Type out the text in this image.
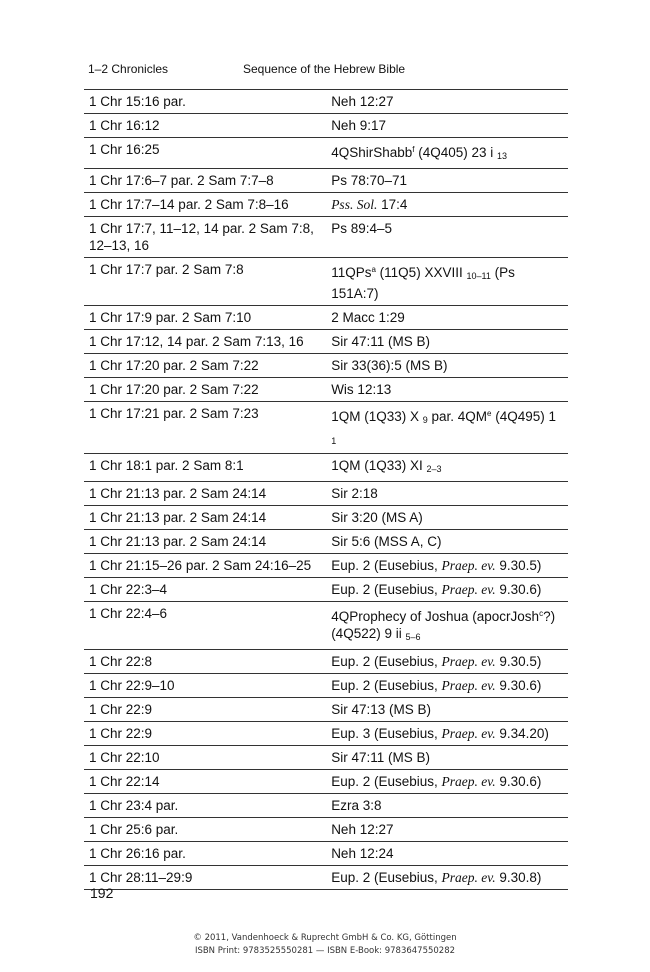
1–2 Chronicles	Sequence of the Hebrew Bible
1 Chr 15:16 par.	Neh 12:27
1 Chr 16:12	Neh 9:17
1 Chr 16:25	4QShirShabb$^f$ (4Q405) 23 i $_{13}$
1 Chr 17:6–7 par. 2 Sam 7:7–8	Ps 78:70–71
1 Chr 17:7–14 par. 2 Sam 7:8–16	Pss. Sol. 17:4
1 Chr 17:7, 11–12, 14 par. 2 Sam 7:8, 12–13, 16	Ps 89:4–5
1 Chr 17:7 par. 2 Sam 7:8	11QPs$^a$ (11Q5) XXVIII $_{10-11}$ (Ps 151A:7)
1 Chr 17:9 par. 2 Sam 7:10	2 Macc 1:29
1 Chr 17:12, 14 par. 2 Sam 7:13, 16	Sir 47:11 (MS B)
1 Chr 17:20 par. 2 Sam 7:22	Sir 33(36):5 (MS B)
1 Chr 17:20 par. 2 Sam 7:22	Wis 12:13
1 Chr 17:21 par. 2 Sam 7:23	1QM (1Q33) X $_9$ par. $4QM^e$ (4Q495) 1 $_1$
1 Chr 18:1 par. 2 Sam 8:1	1QM (1Q33) XI $_{2-3}$
1 Chr 21:13 par. 2 Sam 24:14	Sir 2:18
1 Chr 21:13 par. 2 Sam 24:14	Sir 3:20 (MS A)
1 Chr 21:13 par. 2 Sam 24:14	Sir 5:6 (MSS A, C)
1 Chr 21:15–26 par. 2 Sam 24:16–25	Eup. 2 (Eusebius, Praep. ev. 9.30.5)
1 Chr 22:3–4	Eup. 2 (Eusebius, Praep. ev. 9.30.6)
1 Chr 22:4–6	4QProphecy of Joshua (apocrJosh$^c$?) (4Q522) 9 ii $_{5-6}$
1 Chr 22:8	Eup. 2 (Eusebius, Praep. ev. 9.30.5)
1 Chr 22:9–10	Eup. 2 (Eusebius, Praep. ev. 9.30.6)
1 Chr 22:9	Sir 47:13 (MS B)
1 Chr 22:9	Eup. 3 (Eusebius, Praep. ev. 9.34.20)
1 Chr 22:10	Sir 47:11 (MS B)
1 Chr 22:14	Eup. 2 (Eusebius, Praep. ev. 9.30.6)
1 Chr 23:4 par.	Ezra 3:8
1 Chr 25:6 par.	Neh 12:27
1 Chr 26:16 par.	Neh 12:24
1 Chr 28:11–29:9	Eup. 2 (Eusebius, Praep. ev. 9.30.8)
192
© 2011, Vandenhoeck & Ruprecht GmbH & Co. KG, Göttingen
ISBN Print: 9783525550281 — ISBN E-Book: 9783647550282
